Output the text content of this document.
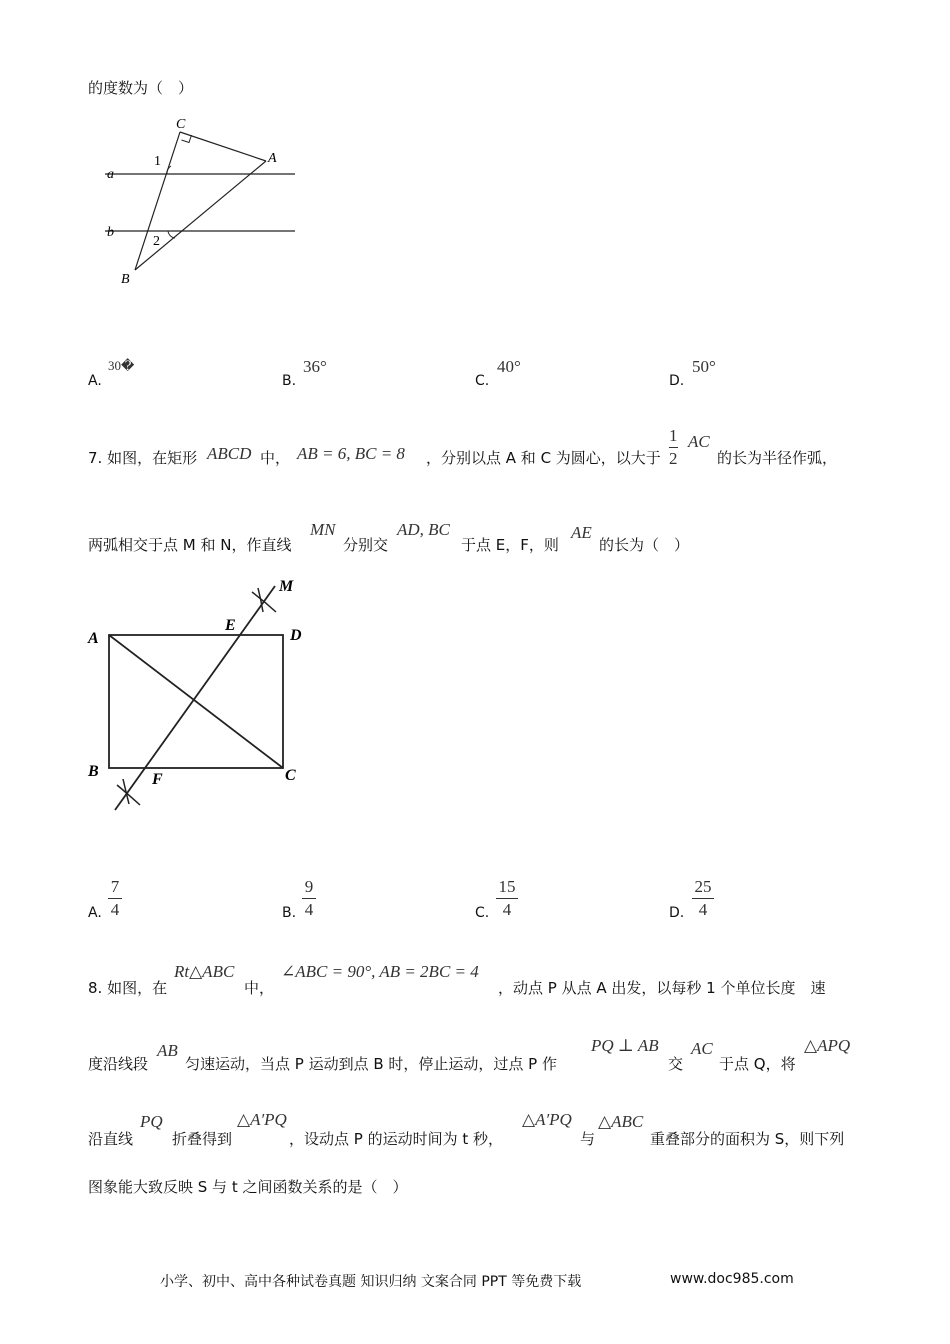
的度数为（　）
C
A
B
a
b
1
2
A.
30�
B.
36°
C.
40°
D.
50°
7. 如图，在矩形 ABCD 中， AB = 6, BC = 8 ，分别以点 A 和 C 为圆心，以大于
1
2
AC
的长为半径作弧，
两弧相交于点 M 和 N，作直线
MN
分别交
AD, BC
于点 E，F，则
AE
的长为（　）
A
B	C
D
E
F
M
A.
7
4	B.
9
4	C.
15
4	D.
25
4
8. 如图，在
Rt△ABC
中，
∠ABC = 90°, AB = 2BC = 4
，动点 P 从点 A 出发，以每秒 1 个单位长度　速
度沿线段
AB
匀速运动，当点 P 运动到点 B 时，停止运动，过点 P 作
PQ ⊥ AB
交
AC
于点 Q，将
△APQ
沿直线
PQ
折叠得到
△A′PQ
，设动点 P 的运动时间为 t 秒，
△A′PQ
与
△ABC
重叠部分的面积为 S，则下列
图象能大致反映 S 与 t 之间函数关系的是（　）
小学、初中、高中各种试卷真题 知识归纳 文案合同 PPT 等免费下载	www.doc985.com
